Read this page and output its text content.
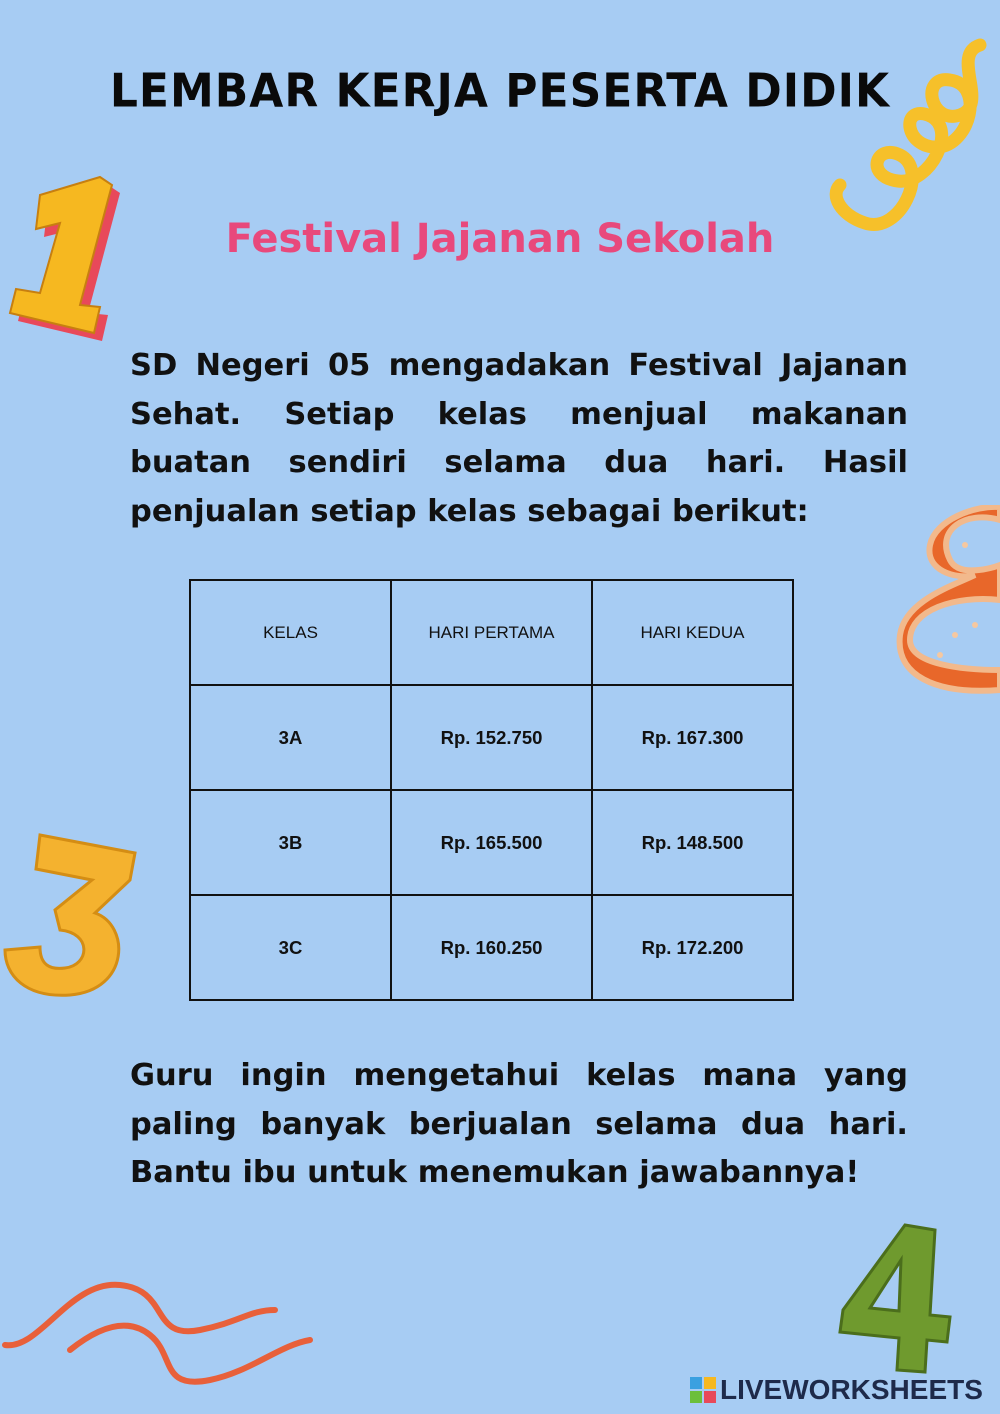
LEMBAR KERJA PESERTA DIDIK
Festival Jajanan Sekolah
SD Negeri 05 mengadakan Festival Jajanan Sehat. Setiap kelas menjual makanan buatan sendiri selama dua hari. Hasil penjualan setiap kelas sebagai berikut:
KELAS	HARI PERTAMA	HARI KEDUA
3A	Rp. 152.750	Rp. 167.300
3B	Rp. 165.500	Rp. 148.500
3C	Rp. 160.250	Rp. 172.200
Guru ingin mengetahui kelas mana yang paling banyak berjualan selama dua hari. Bantu ibu untuk menemukan jawabannya!
LIVEWORKSHEETS
